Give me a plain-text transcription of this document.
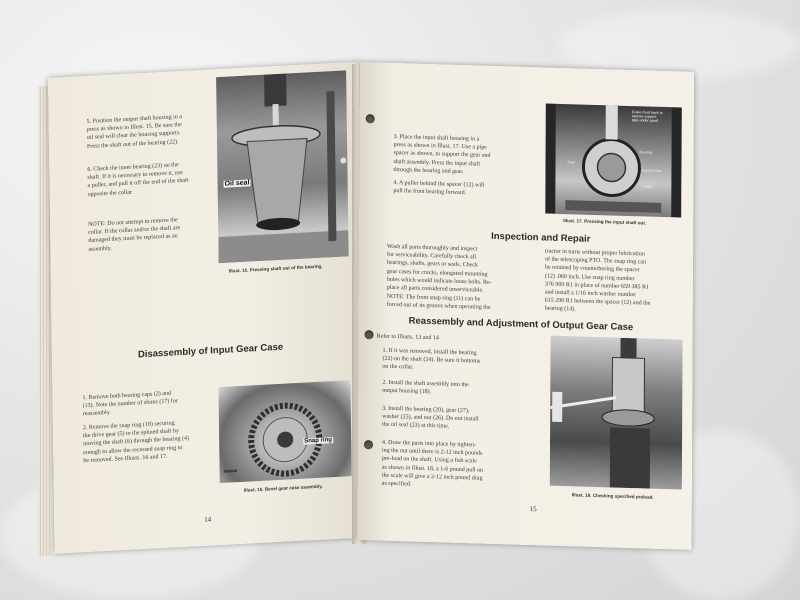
5. Position the output shaft housing in a
press as shown in Illust. 15. Be sure the
oil seal will clear the housing supports.
Press the shaft out of the bearing (22).
6. Check the inner bearing (23) on the
shaft. If it is necessary to remove it, use
a puller, and pull it off the end of the shaft
opposite the collar.
NOTE: Do not attempt to remove the
collar. If the collar and/or the shaft are
damaged they must be replaced as an
assembly.
Oil seal
Illust. 15. Pressing shaft out of the bearing.
Disassembly of Input Gear Case
1. Remove both bearing caps (2) and
(13). Note the number of shims (17) for
reassembly.
2. Remove the snap ring (18) securing
the drive gear (5) to the splined shaft by
moving the shaft (6) through the bearing (4)
enough to allow the recessed snap ring to
be removed. See Illusts. 16 and 17.
Snap ring
RNM49
Illust. 16. Bevel gear case assembly.
14
3. Place the input shaft housing in a
press as shown in Illust. 17. Use a pipe
spacer as shown, to support the gear and
shaft assembly. Press the input shaft
through the bearing and gear.
4. A puller behind the spacer (12) will
pull the front bearing forward.
(Case must back to
expose support
pipe under gear)
Bearing
Support pipe
V-plate
Gear
Illust. 17. Pressing the input shaft out.
Inspection and Repair
Wash all parts thoroughly and inspect
for serviceability. Carefully check all
bearings, shafts, gears or seals. Check
gear cases for cracks, elongated mounting
holes which would indicate loose bolts. Re-
place all parts considered unserviceable.
NOTE: The front snap ring (11) can be
forced out of its groove when operating the
tractor in turns without proper lubrication
of the telescoping PTO. The snap ring can
be retained by counterboring the spacer
(12) .060 inch. Use snap ring number
376 909 R1 in place of number 659 385 R1
and install a 1/16 inch washer number
615 290 R1 between the spacer (12) and the
bearing (14).
Reassembly and Adjustment of Output Gear Case
Refer to Illusts. 13 and 14
1. If it was removed, install the bearing
(22) on the shaft (24). Be sure it bottoms
on the collar.
2. Install the shaft assembly into the
output housing (18).
3. Install the bearing (20), gear (27),
washer (25), and nut (26). Do not install
the oil seal (23) at this time.
4. Draw the parts into place by tighten-
ing the nut until there is 2-12 inch pounds
pre-load on the shaft. Using a fish scale
as shown in Illust. 18, a 1-6 pound pull on
the scale will give a 2-12 inch pound drag
as specified.
Illust. 18. Checking specified preload.
15
